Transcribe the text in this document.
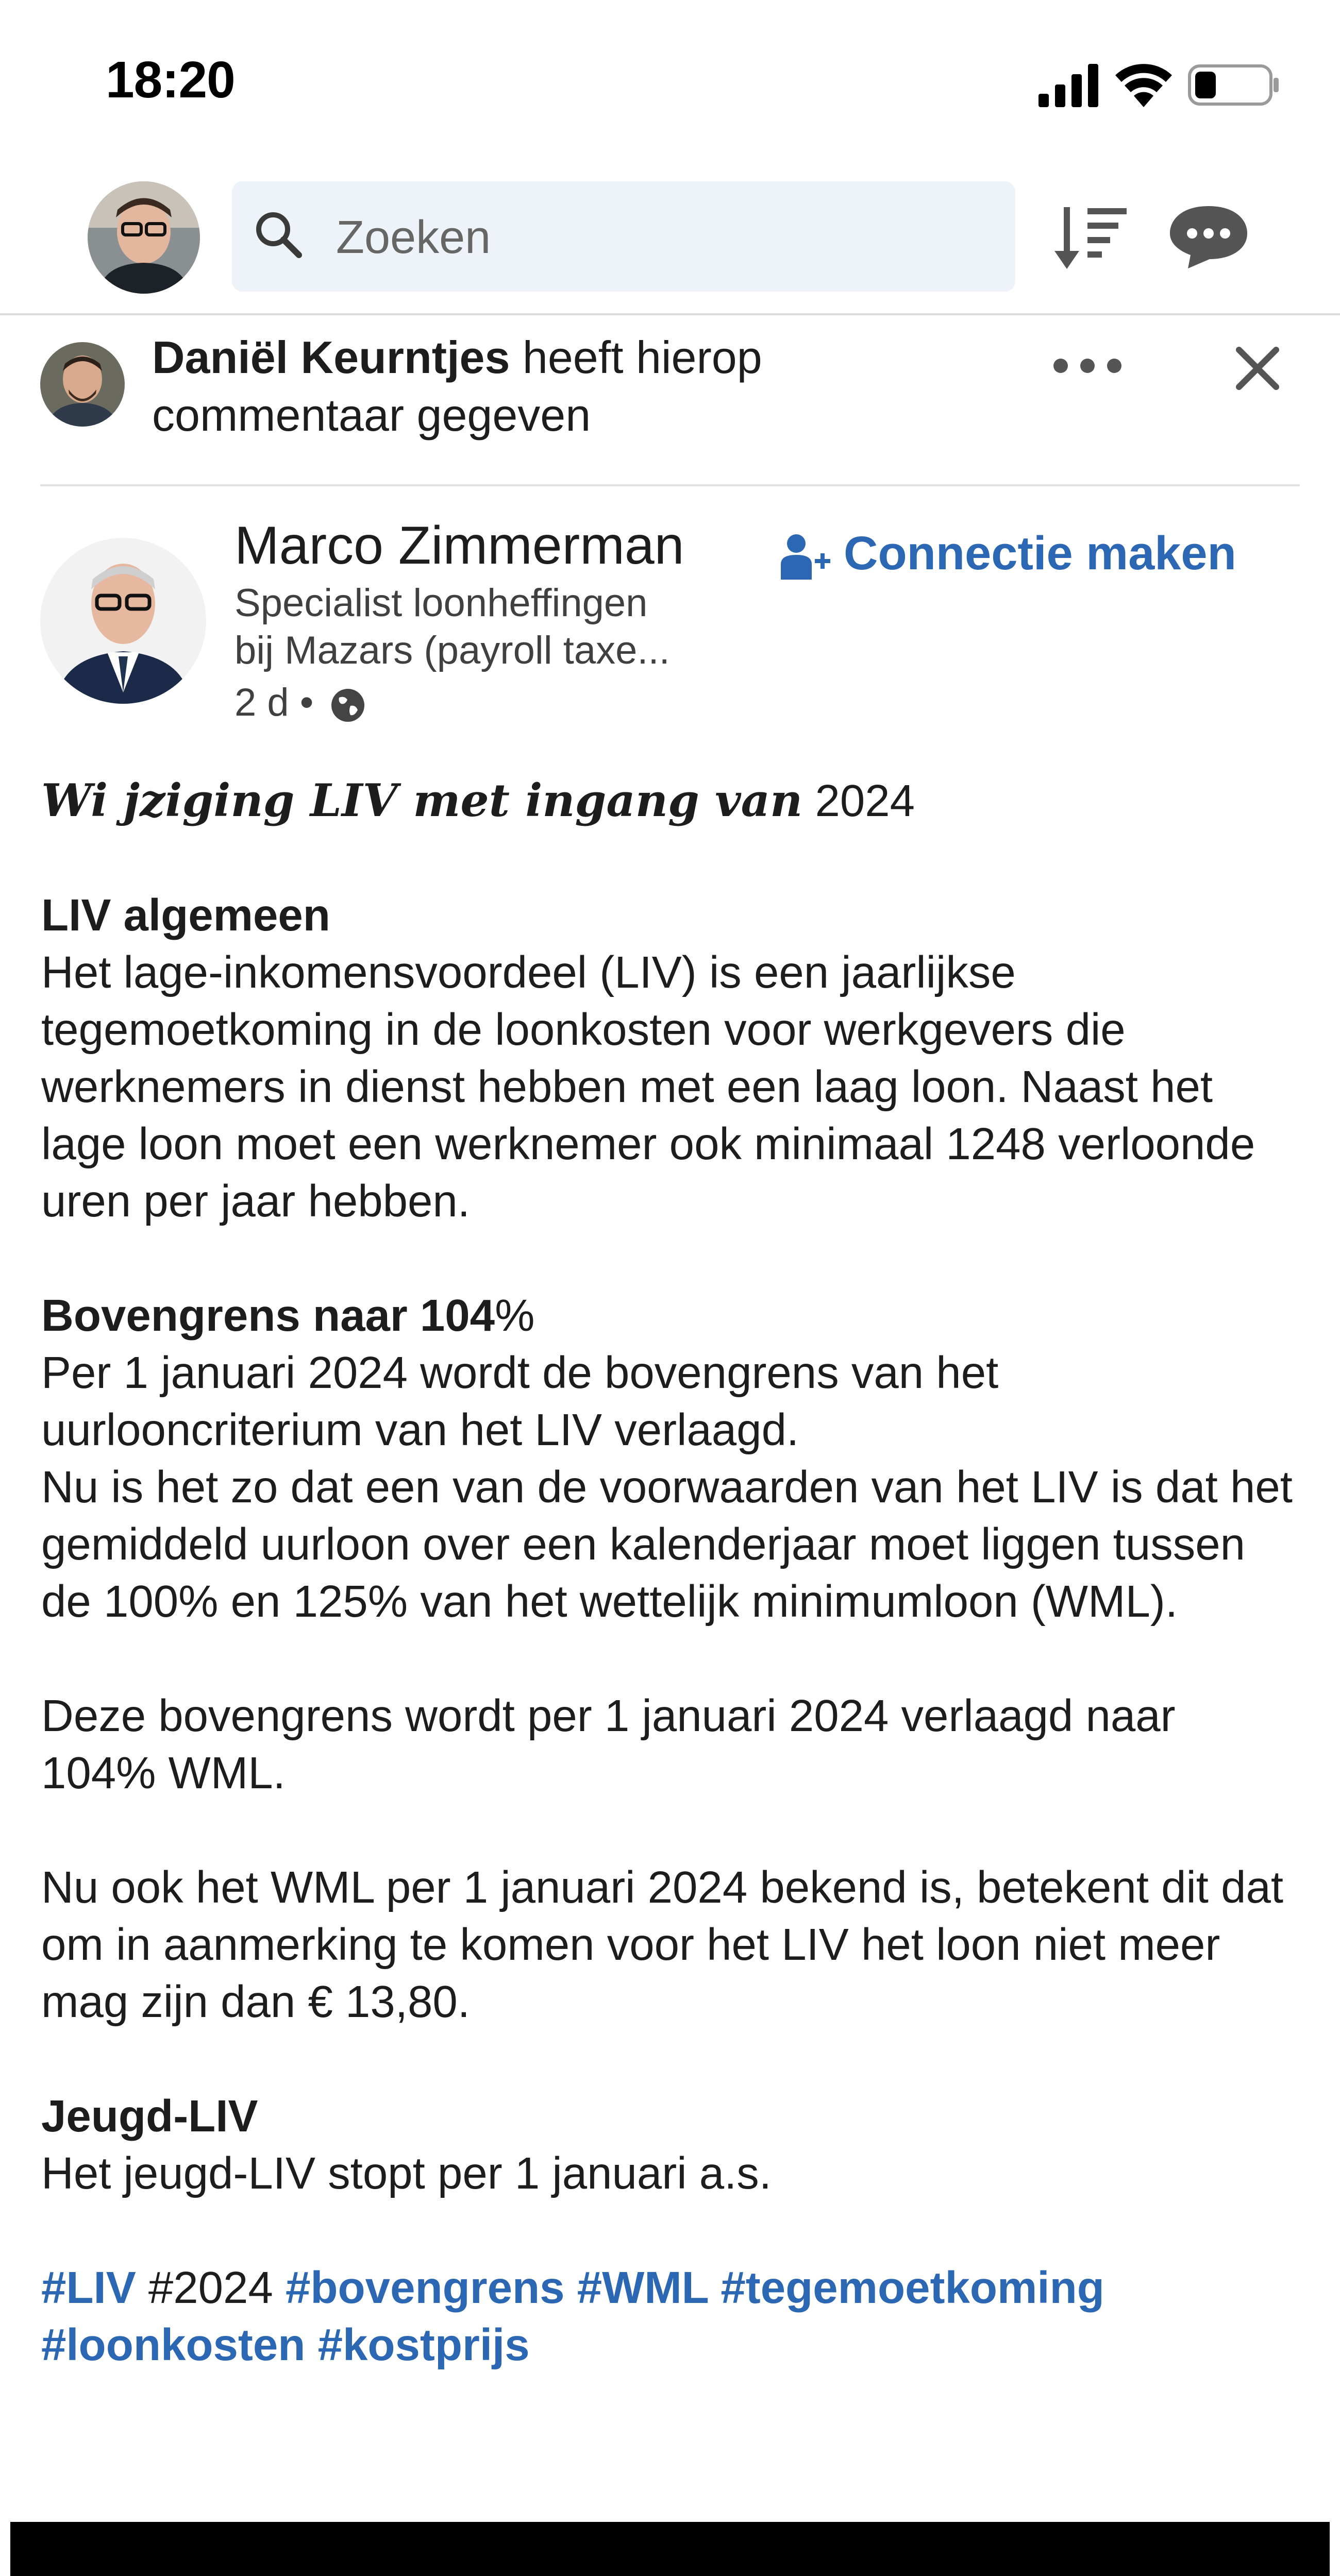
18:20
Zoeken
Daniël Keurntjes heeft hierop commentaar gegeven
Marco Zimmerman
Specialist loonheffingen
bij Mazars (payroll taxe...
2 d •
Connectie maken

Wi jziging LIV met ingang van 2024

LIV algemeen

Het lage-inkomensvoordeel (LIV) is een jaarlijkse tegemoetkoming in de loonkosten voor werkgevers die werknemers in dienst hebben met een laag loon. Naast het lage loon moet een werknemer ook minimaal 1248 verloonde uren per jaar hebben.

Bovengrens naar 104%

Per 1 januari 2024 wordt de bovengrens van het uurlooncriterium van het LIV verlaagd.

Nu is het zo dat een van de voorwaarden van het LIV is dat het gemiddeld uurloon over een kalenderjaar moet liggen tussen de 100% en 125% van het wettelijk minimumloon (WML).

Deze bovengrens wordt per 1 januari 2024 verlaagd naar 104% WML.

Nu ook het WML per 1 januari 2024 bekend is, betekent dit dat om in aanmerking te komen voor het LIV het loon niet meer mag zijn dan € 13,80.

Jeugd-LIV

Het jeugd-LIV stopt per 1 januari a.s.

#LIV #2024 #bovengrens #WML #tegemoetkoming #loonkosten #kostprijs
